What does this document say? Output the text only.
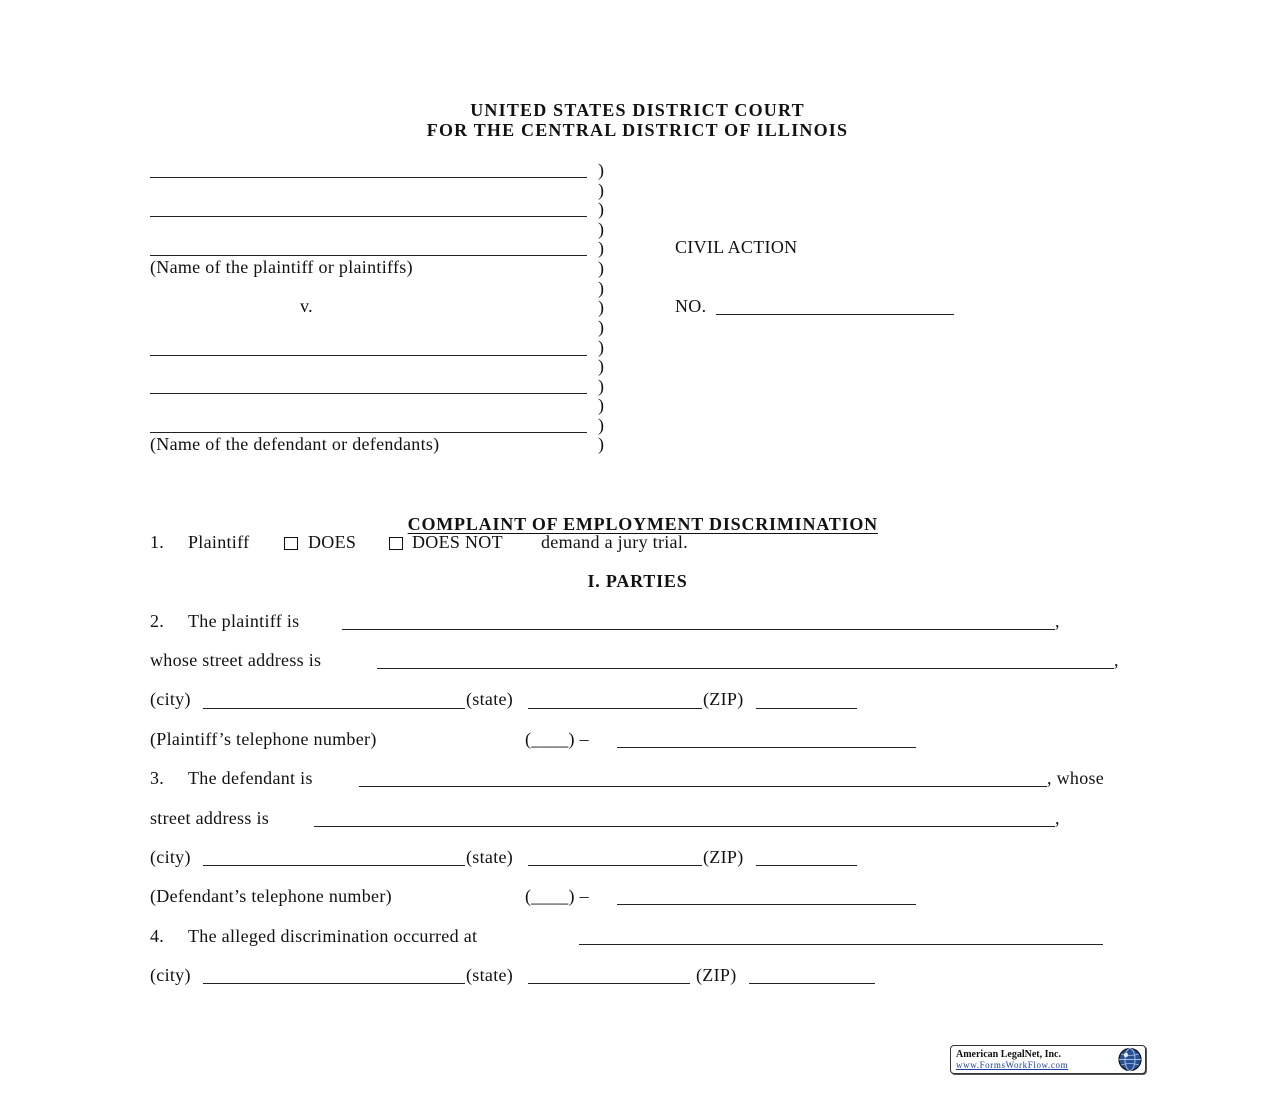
UNITED STATES DISTRICT COURT
FOR THE CENTRAL DISTRICT OF ILLINOIS
(Name of the plaintiff or plaintiffs)
v.
(Name of the defendant or defendants)
)
)
)
)
)
)
)
)
)
)
)
)
)
)
)
CIVIL ACTION
NO.

COMPLAINT OF EMPLOYMENT DISCRIMINATION

1. Plaintiff	DOES	DOES NOT demand a jury trial.
I. PARTIES
2. The plaintiff is	,
whose street address is	,
(city)	(state)	(ZIP)
(Plaintiff’s telephone number)	(____) –
3. The defendant is	, whose
street address is	,
(city)	(state)	(ZIP)
(Defendant’s telephone number)	(____) –
4. The alleged discrimination occurred at
(city)	(state)	(ZIP)
American LegalNet, Inc.
www.FormsWorkFlow.com
